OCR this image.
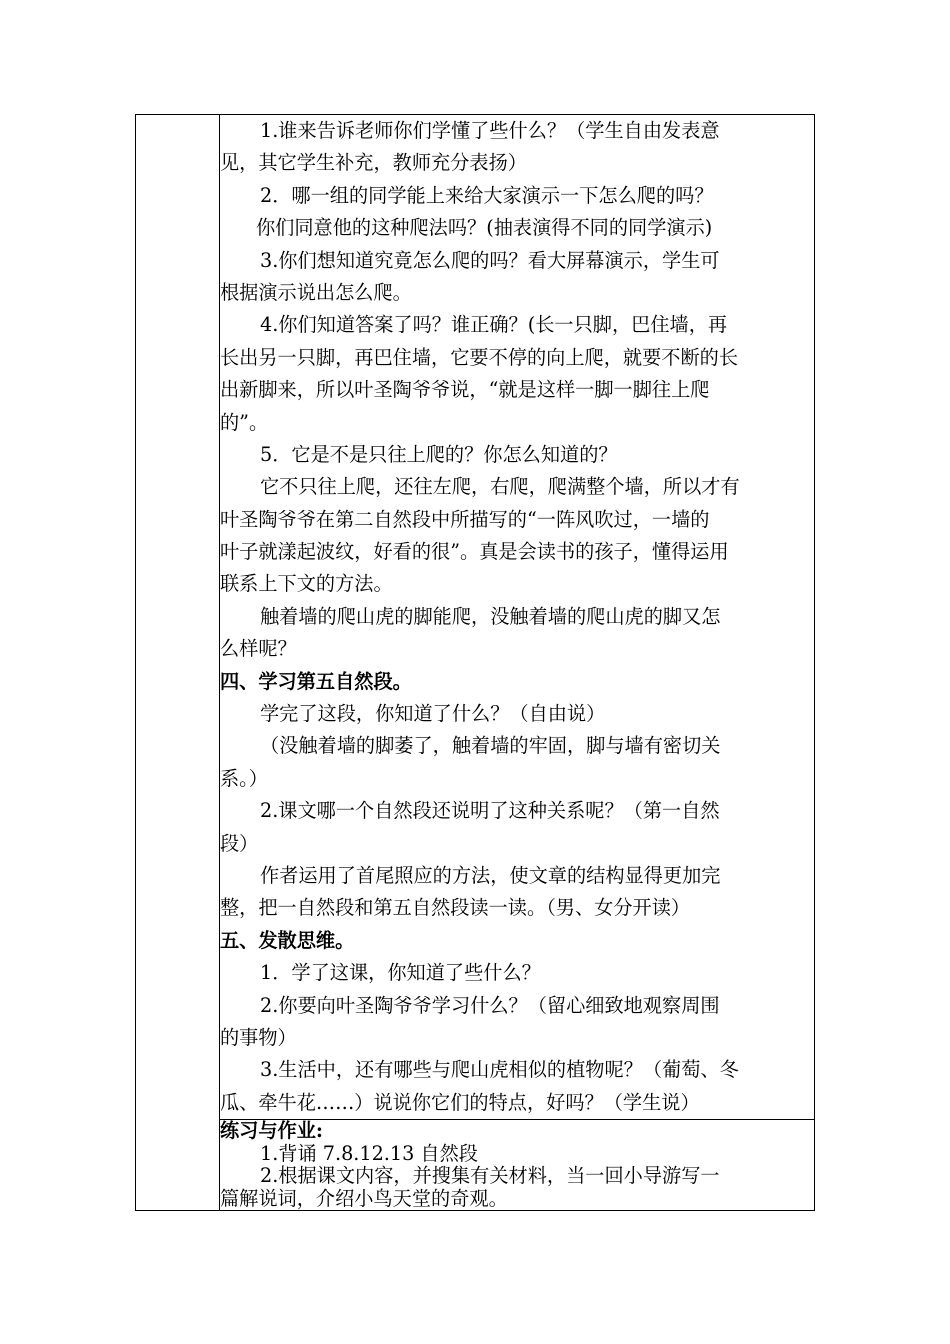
1.谁来告诉老师你们学懂了些什么？（学生自由发表意
见，其它学生补充，教师充分表扬）
2．哪一组的同学能上来给大家演示一下怎么爬的吗？
你们同意他的这种爬法吗？(抽表演得不同的同学演示)
3.你们想知道究竟怎么爬的吗？看大屏幕演示，学生可
根据演示说出怎么爬。
4.你们知道答案了吗？谁正确？(长一只脚，巴住墙，再
长出另一只脚，再巴住墙，它要不停的向上爬，就要不断的长
出新脚来，所以叶圣陶爷爷说，“就是这样一脚一脚往上爬
的”。
5．它是不是只往上爬的？你怎么知道的？
它不只往上爬，还往左爬，右爬，爬满整个墙，所以才有
叶圣陶爷爷在第二自然段中所描写的“一阵风吹过，一墙的
叶子就漾起波纹，好看的很”。真是会读书的孩子，懂得运用
联系上下文的方法。
触着墙的爬山虎的脚能爬，没触着墙的爬山虎的脚又怎
么样呢？
四、学习第五自然段。
学完了这段，你知道了什么？（自由说）
（没触着墙的脚萎了，触着墙的牢固，脚与墙有密切关
系。）
2.课文哪一个自然段还说明了这种关系呢？（第一自然
段）
作者运用了首尾照应的方法，使文章的结构显得更加完
整，把一自然段和第五自然段读一读。（男、女分开读）
五、发散思维。
1．学了这课，你知道了些什么？
2.你要向叶圣陶爷爷学习什么？（留心细致地观察周围
的事物）
3.生活中，还有哪些与爬山虎相似的植物呢？（葡萄、冬
瓜、牵牛花……）说说你它们的特点，好吗？（学生说）

练习与作业:
1.背诵 7.8.12.13 自然段
2.根据课文内容，并搜集有关材料，当一回小导游写一
篇解说词，介绍小鸟天堂的奇观。
